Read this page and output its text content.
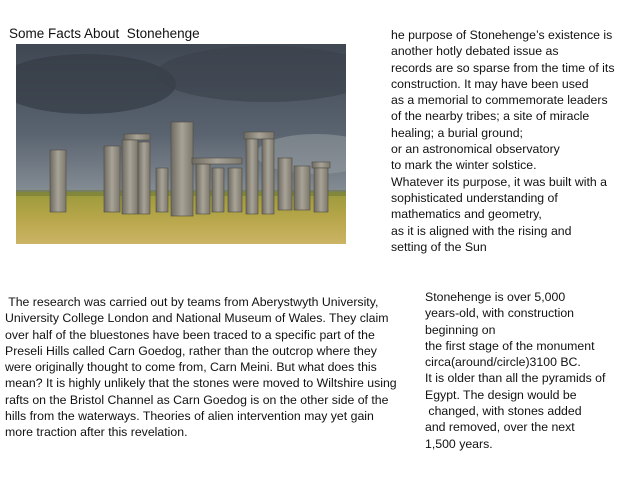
Some Facts About  Stonehenge	he purpose of Stonehenge’s existence is
another hotly debated issue as
records are so sparse from the time of its
construction. It may have been used
as a memorial to commemorate leaders
of the nearby tribes; a site of miracle
healing; a burial ground;
or an astronomical observatory
to mark the winter solstice.
Whatever its purpose, it was built with a
sophisticated understanding of
mathematics and geometry,
as it is aligned with the rising and
setting of the Sun
The research was carried out by teams from Aberystwyth University,
University College London and National Museum of Wales. They claim
over half of the bluestones have been traced to a specific part of the
Preseli Hills called Carn Goedog, rather than the outcrop where they
were originally thought to come from, Carn Meini. But what does this
mean? It is highly unlikely that the stones were moved to Wiltshire using
rafts on the Bristol Channel as Carn Goedog is on the other side of the
hills from the waterways. Theories of alien intervention may yet gain
more traction after this revelation.
Stonehenge is over 5,000
years-old, with construction
beginning on
the first stage of the monument
circa(around/circle)3100 BC.
It is older than all the pyramids of
Egypt. The design would be
changed, with stones added
and removed, over the next
1,500 years.
